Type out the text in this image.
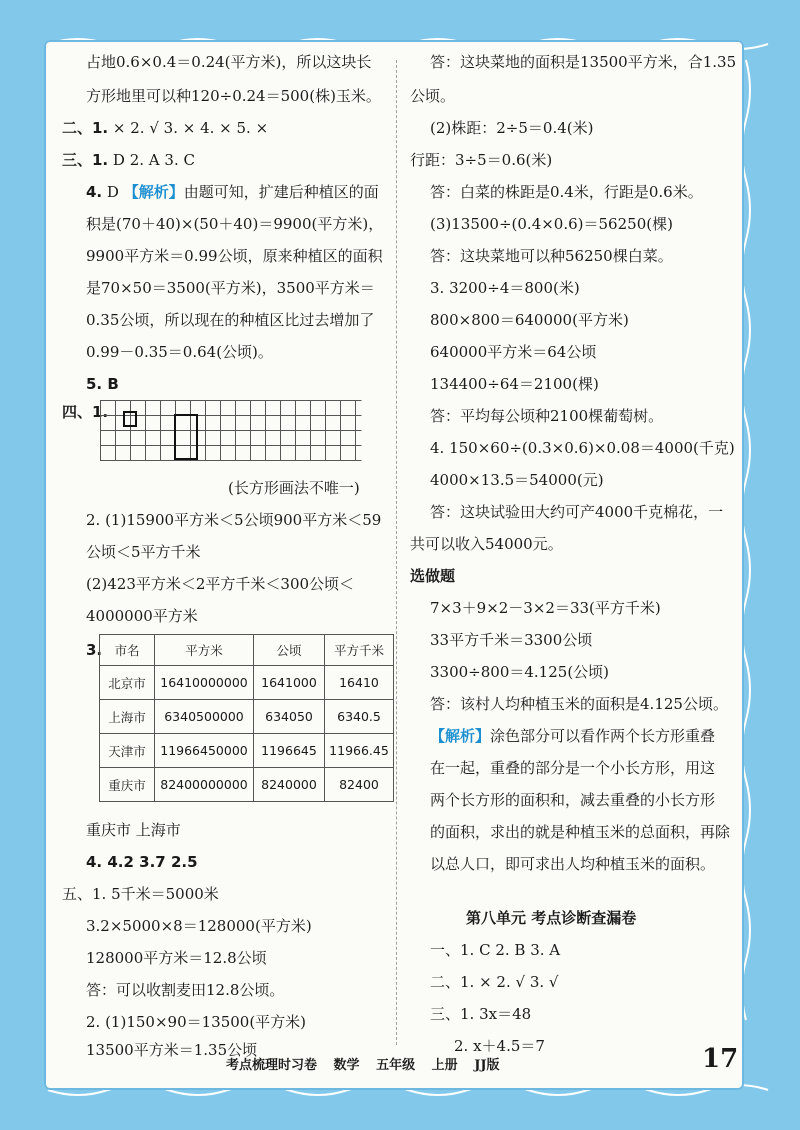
占地0.6×0.4＝0.24(平方米)，所以这块长
方形地里可以种120÷0.24＝500(株)玉米。
二、1. × 2. √ 3. × 4. × 5. ×
三、1. D 2. A 3. C
4. D 【解析】由题可知，扩建后种植区的面
积是(70＋40)×(50＋40)＝9900(平方米)，
9900平方米＝0.99公顷，原来种植区的面积
是70×50＝3500(平方米)，3500平方米＝
0.35公顷，所以现在的种植区比过去增加了
0.99－0.35＝0.64(公顷)。
5. B
四、1.
(长方形画法不唯一)
2. (1)15900平方米＜5公顷900平方米＜59
公顷＜5平方千米
(2)423平方米＜2平方千米＜300公顷＜
4000000平方米
3. 市名	平方米	公顷	平方千米
北京市	16410000000	1641000	16410
上海市	6340500000	634050	6340.5
天津市	11966450000	1196645	11966.45
重庆市	82400000000	8240000	82400
重庆市 上海市
4. 4.2 3.7 2.5
五、1. 5千米＝5000米
3.2×5000×8＝128000(平方米)
128000平方米＝12.8公顷
答：可以收割麦田12.8公顷。
2. (1)150×90＝13500(平方米)
13500平方米＝1.35公顷
答：这块菜地的面积是13500平方米，合1.35
公顷。
(2)株距：2÷5＝0.4(米)
行距：3÷5＝0.6(米)
答：白菜的株距是0.4米，行距是0.6米。
(3)13500÷(0.4×0.6)＝56250(棵)
答：这块菜地可以种56250棵白菜。
3. 3200÷4＝800(米)
800×800＝640000(平方米)
640000平方米＝64公顷
134400÷64＝2100(棵)
答：平均每公顷种2100棵葡萄树。
4. 150×60÷(0.3×0.6)×0.08＝4000(千克)
4000×13.5＝54000(元)
答：这块试验田大约可产4000千克棉花，一
共可以收入54000元。
选做题
7×3＋9×2－3×2＝33(平方千米)
33平方千米＝3300公顷
3300÷800＝4.125(公顷)
答：该村人均种植玉米的面积是4.125公顷。
【解析】涂色部分可以看作两个长方形重叠
在一起，重叠的部分是一个小长方形，用这
两个长方形的面积和，减去重叠的小长方形
的面积，求出的就是种植玉米的总面积，再除
以总人口，即可求出人均种植玉米的面积。
第八单元 考点诊断查漏卷
一、1. C 2. B 3. A
二、1. × 2. √ 3. √
三、1. 3x＝48
2. x＋4.5＝7
考点梳理时习卷 数学 五年级 上册 JJ版	17
